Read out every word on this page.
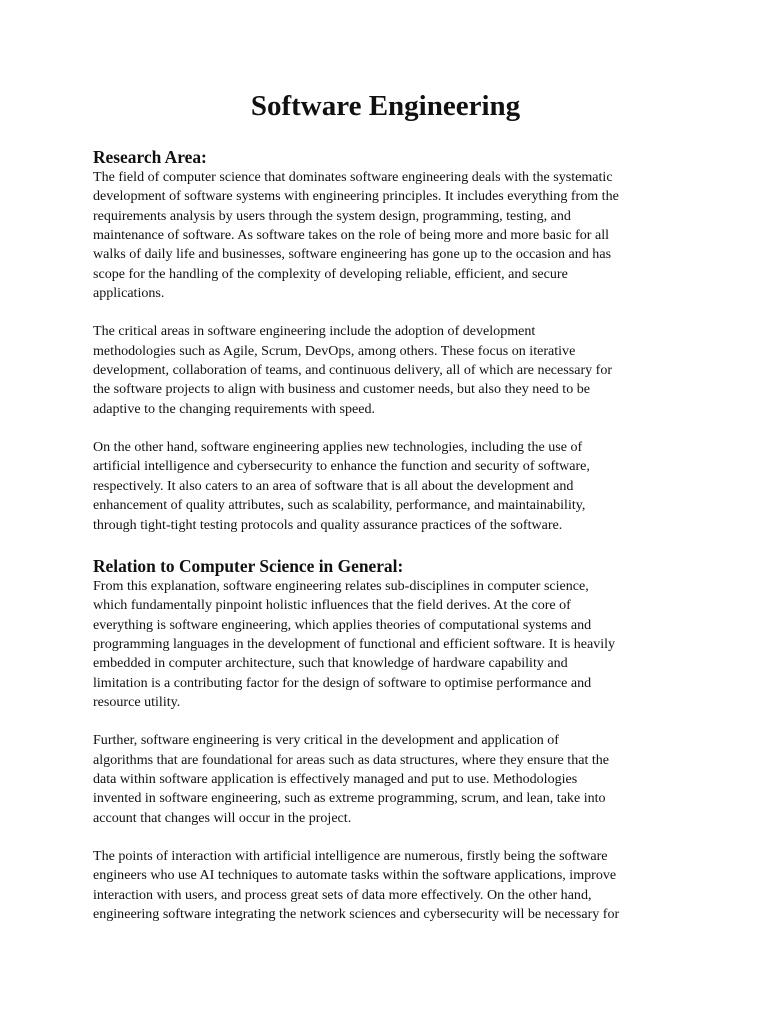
Software Engineering
Research Area:

The field of computer science that dominates software engineering deals with the systematic
development of software systems with engineering principles. It includes everything from the
requirements analysis by users through the system design, programming, testing, and
maintenance of software. As software takes on the role of being more and more basic for all
walks of daily life and businesses, software engineering has gone up to the occasion and has
scope for the handling of the complexity of developing reliable, efficient, and secure
applications.

The critical areas in software engineering include the adoption of development
methodologies such as Agile, Scrum, DevOps, among others. These focus on iterative
development, collaboration of teams, and continuous delivery, all of which are necessary for
the software projects to align with business and customer needs, but also they need to be
adaptive to the changing requirements with speed.

On the other hand, software engineering applies new technologies, including the use of
artificial intelligence and cybersecurity to enhance the function and security of software,
respectively. It also caters to an area of software that is all about the development and
enhancement of quality attributes, such as scalability, performance, and maintainability,
through tight-tight testing protocols and quality assurance practices of the software.

Relation to Computer Science in General:

From this explanation, software engineering relates sub-disciplines in computer science,
which fundamentally pinpoint holistic influences that the field derives. At the core of
everything is software engineering, which applies theories of computational systems and
programming languages in the development of functional and efficient software. It is heavily
embedded in computer architecture, such that knowledge of hardware capability and
limitation is a contributing factor for the design of software to optimise performance and
resource utility.

Further, software engineering is very critical in the development and application of
algorithms that are foundational for areas such as data structures, where they ensure that the
data within software application is effectively managed and put to use. Methodologies
invented in software engineering, such as extreme programming, scrum, and lean, take into
account that changes will occur in the project.

The points of interaction with artificial intelligence are numerous, firstly being the software
engineers who use AI techniques to automate tasks within the software applications, improve
interaction with users, and process great sets of data more effectively. On the other hand,
engineering software integrating the network sciences and cybersecurity will be necessary for
